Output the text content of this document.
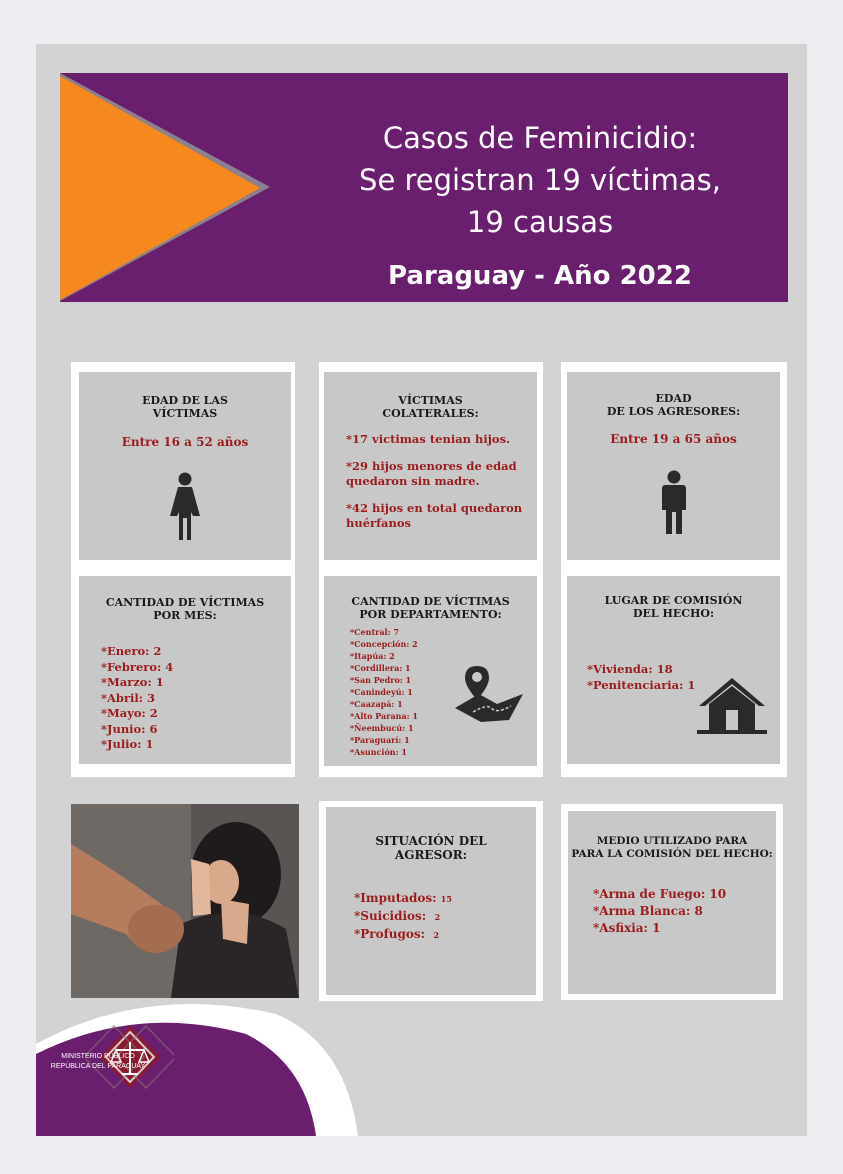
Casos de Feminicidio:
Se registran 19 víctimas,
19 causas
Paraguay - Año 2022
EDAD DE LAS
VÍCTIMAS
Entre 16 a 52 años
VÍCTIMAS
COLATERALES:
*17 victimas tenian hijos.
*29 hijos menores de edad quedaron sin madre.
*42 hijos en total quedaron huérfanos
EDAD
DE LOS AGRESORES:
Entre 19 a 65 años
CANTIDAD DE VÍCTIMAS
POR MES:
*Enero: 2
*Febrero: 4
*Marzo: 1
*Abril: 3
*Mayo: 2
*Junio: 6
*Julio: 1
CANTIDAD DE VÍCTIMAS
POR DEPARTAMENTO:
*Central: 7
*Concepción: 2
*Itapúa: 2
*Cordillera: 1
*San Pedro: 1
*Canindeyú: 1
*Caazapá: 1
*Alto Parana: 1
*Ñeembucú: 1
*Paraguarí: 1
*Asunción: 1
LUGAR DE COMISIÓN
DEL HECHO:
*Vivienda: 18
*Penitenciaria: 1
SITUACIÓN DEL
AGRESOR:
*Imputados: 15
*Suicidios: 2
*Profugos: 2
MEDIO UTILIZADO PARA
PARA LA COMISIÓN DEL HECHO:
*Arma de Fuego: 10
*Arma Blanca: 8
*Asfixia: 1
MINISTERIO PÚBLICO
REPÚBLICA DEL PARAGUAY
